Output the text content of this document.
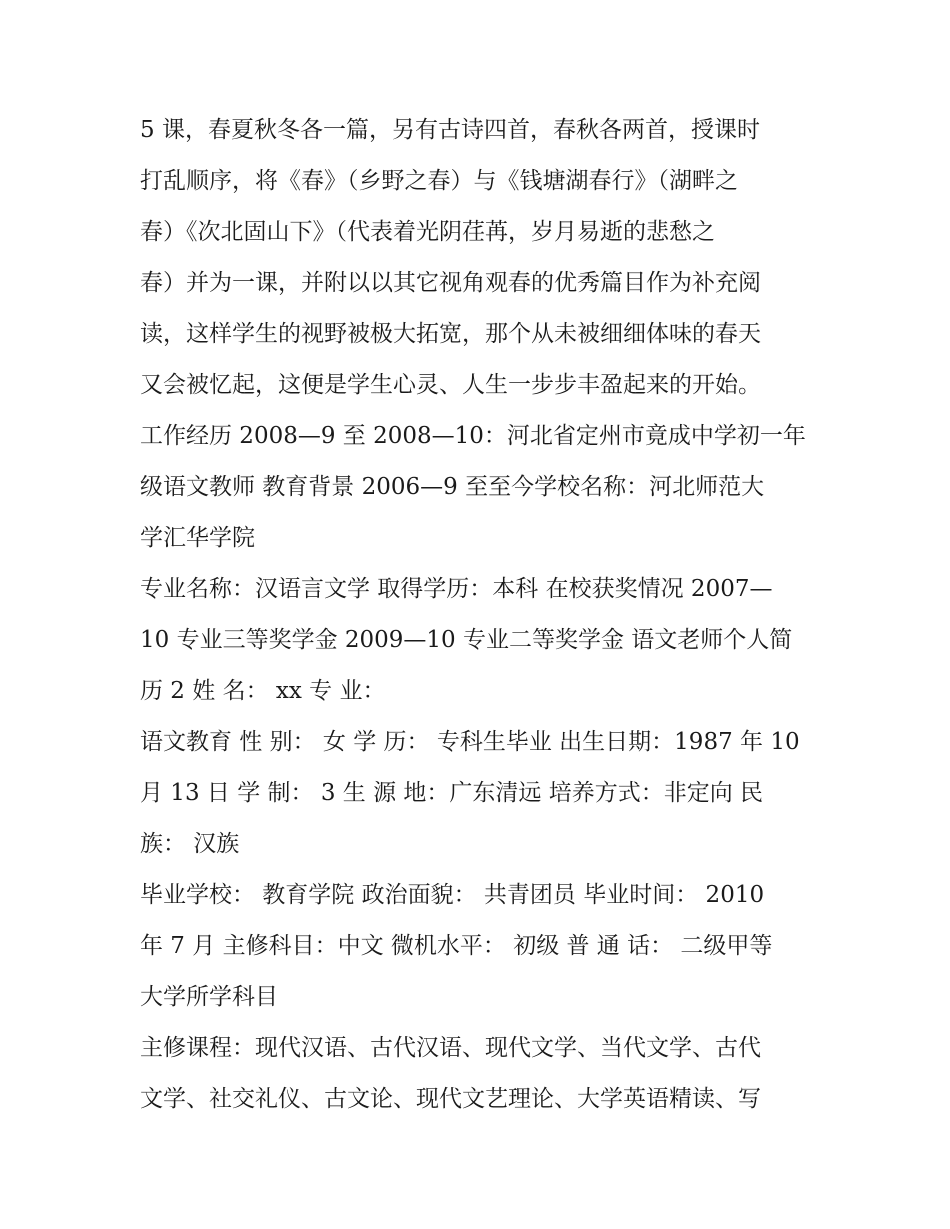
5 课，春夏秋冬各一篇，另有古诗四首，春秋各两首，授课时
打乱顺序，将《春》（乡野之春）与《钱塘湖春行》（湖畔之
春）《次北固山下》（代表着光阴荏苒，岁月易逝的悲愁之
春）并为一课，并附以以其它视角观春的优秀篇目作为补充阅
读，这样学生的视野被极大拓宽，那个从未被细细体味的春天
又会被忆起，这便是学生心灵、人生一步步丰盈起来的开始。
工作经历 2008—9 至 2008—10：河北省定州市竟成中学初一年
级语文教师 教育背景 2006—9 至至今学校名称：河北师范大
学汇华学院
专业名称：汉语言文学 取得学历：本科 在校获奖情况 2007—
10 专业三等奖学金 2009—10 专业二等奖学金 语文老师个人简
历 2 姓 名： xx 专 业：
语文教育 性 别： 女 学 历： 专科生毕业 出生日期：1987 年 10
月 13 日 学 制： 3 生 源 地：广东清远 培养方式：非定向 民
族： 汉族
毕业学校： 教育学院 政治面貌： 共青团员 毕业时间： 2010
年 7 月 主修科目：中文 微机水平： 初级 普 通 话： 二级甲等
大学所学科目
主修课程：现代汉语、古代汉语、现代文学、当代文学、古代
文学、社交礼仪、古文论、现代文艺理论、大学英语精读、写
